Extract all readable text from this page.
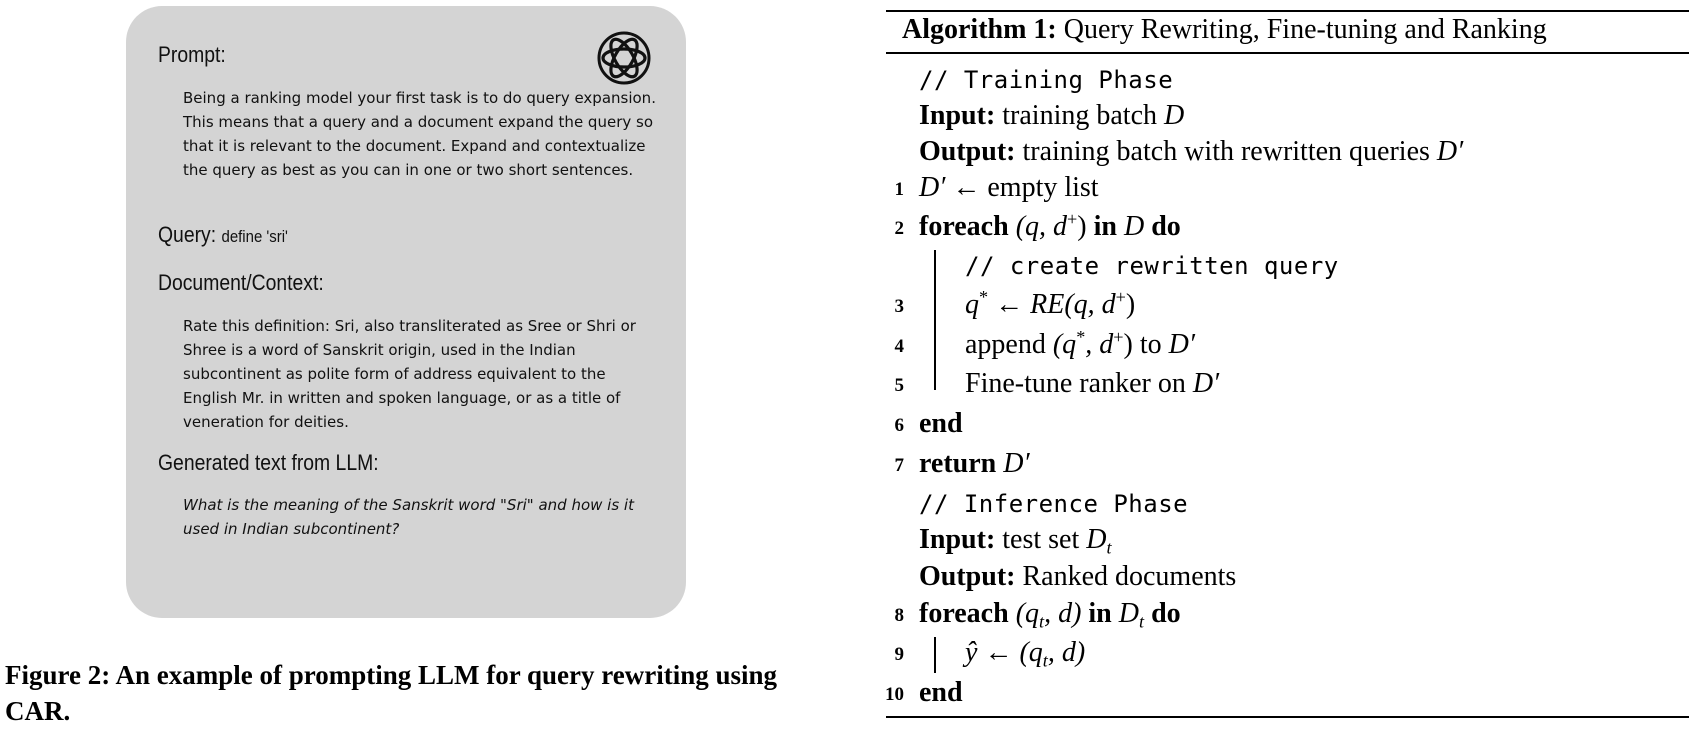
Prompt:
Being a ranking model your first task is to do query expansion. This means that a query and a document expand the query so that it is relevant to the document. Expand and contextualize the query as best as you can in one or two short sentences.
Query: define 'sri'
Document/Context:
Rate this definition: Sri, also transliterated as Sree or Shri or Shree is a word of Sanskrit origin, used in the Indian subcontinent as polite form of address equivalent to the English Mr. in written and spoken language, or as a title of veneration for deities.
Generated text from LLM:
What is the meaning of the Sanskrit word "Sri" and how is it used in Indian subcontinent?
Figure 2: An example of prompting LLM for query rewriting using CAR.
Algorithm 1: Query Rewriting, Fine-tuning and Ranking
// Training Phase
Input: training batch D
Output: training batch with rewritten queries D′
1 D′ ← empty list
2 foreach (q, d+) in D do
// create rewritten query
3 q* ← RE(q, d+)
4 append (q*, d+) to D′
5 Fine-tune ranker on D′
6 end
7 return D′
// Inference Phase
Input: test set $D_t$
Output: Ranked documents
8 foreach ($q_t$, d) in $D_t$ do
9 ŷ ← ($q_t$, d)
10 end
